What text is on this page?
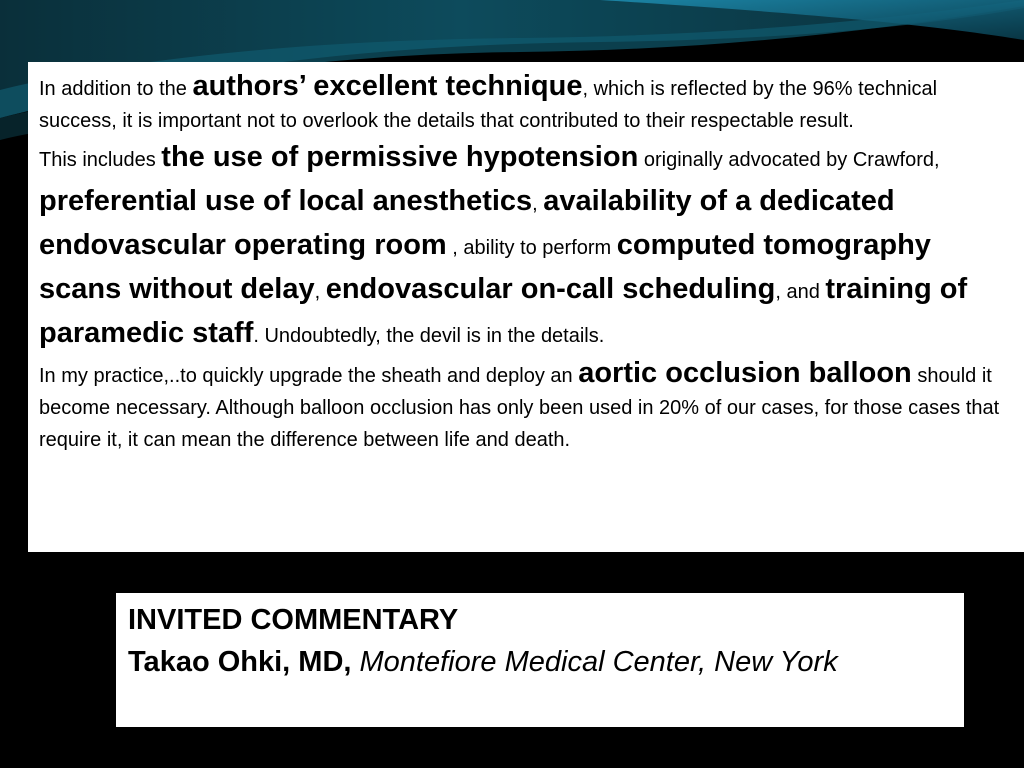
In addition to the authors’ excellent technique, which is reflected by the 96% technical success, it is important not to overlook the details that contributed to their respectable result.

This includes the use of permissive hypotension originally advocated by Crawford, preferential use of local anesthetics, availability of a dedicated endovascular operating room , ability to perform computed tomography scans without delay, endovascular on-call scheduling, and training of paramedic staff. Undoubtedly, the devil is in the details.

In my practice,..to quickly upgrade the sheath and deploy an aortic occlusion balloon should it become necessary. Although balloon occlusion has only been used in 20% of our cases, for those cases that require it, it can mean the difference between life and death.

INVITED COMMENTARY
Takao Ohki, MD, Montefiore Medical Center, New York
